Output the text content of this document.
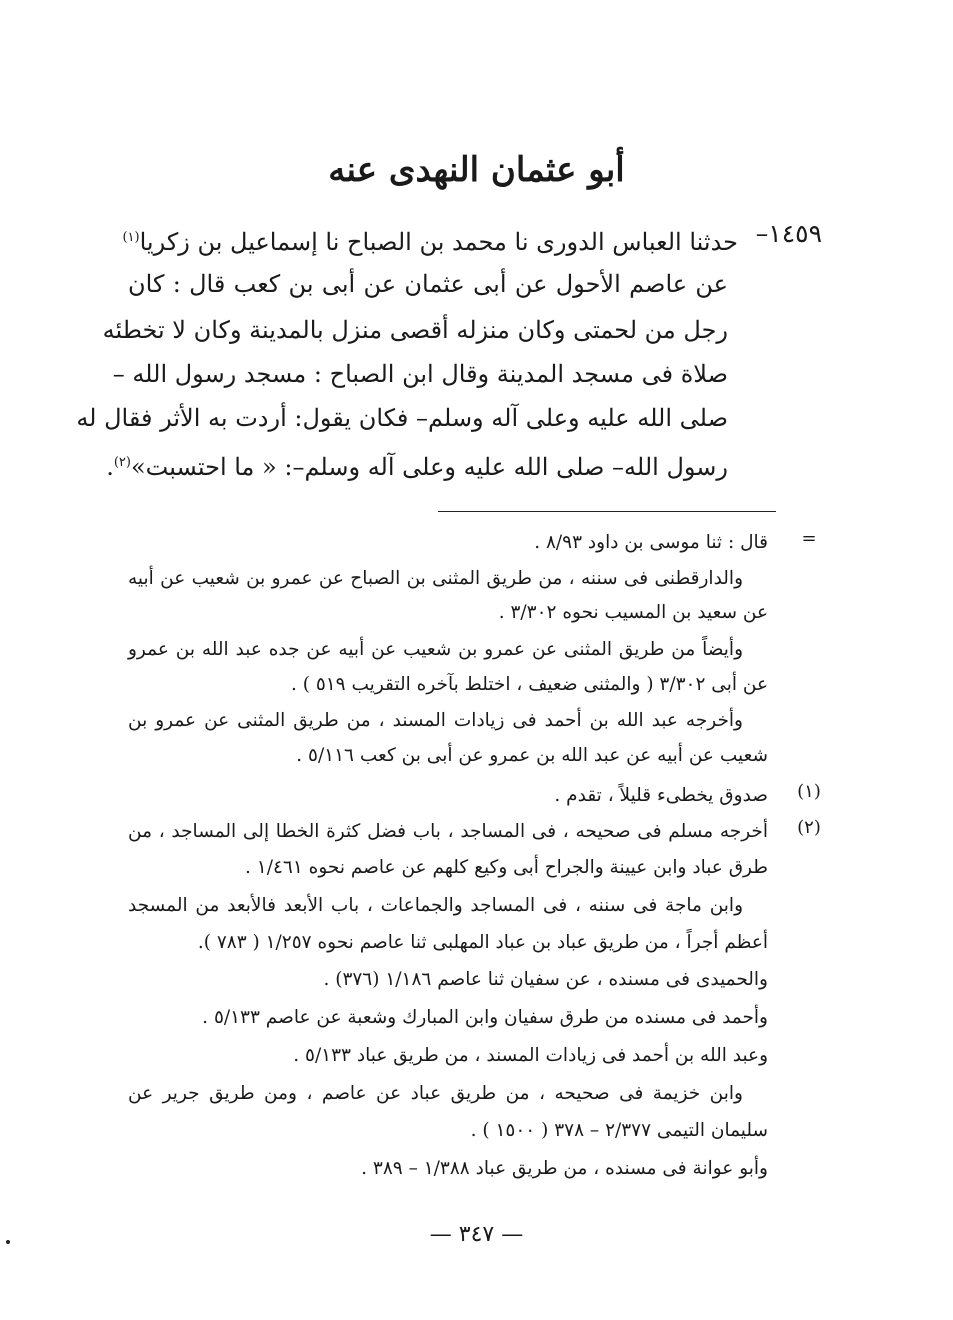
أبو عثمان النهدى عنه
١٤٥٩–
حدثنا العباس الدورى نا محمد بن الصباح نا إسماعيل بن زكريا$^{(١)}$
عن عاصم الأحول عن أبى عثمان عن أبى بن كعب قال : كان
رجل من لحمتى وكان منزله أقصى منزل بالمدينة وكان لا تخطئه
صلاة فى مسجد المدينة وقال ابن الصباح : مسجد رسول الله –
صلى الله عليه وعلى آله وسلم– فكان يقول: أردت به الأثر فقال له
رسول الله– صلى الله عليه وعلى آله وسلم–: « ما احتسبت»$^{(٢)}$.
=
قال : ثنا موسى بن داود ٨/٩٣ .
والدارقطنى فى سننه ، من طريق المثنى بن الصباح عن عمرو بن شعيب عن أبيه
عن سعيد بن المسيب نحوه ٣/٣٠٢ .
وأيضاً من طريق المثنى عن عمرو بن شعيب عن أبيه عن جده عبد الله بن عمرو
عن أبى ٣/٣٠٢ ( والمثنى ضعيف ، اختلط بآخره التقريب ٥١٩ ) .
وأخرجه عبد الله بن أحمد فى زيادات المسند ، من طريق المثنى عن عمرو بن
شعيب عن أبيه عن عبد الله بن عمرو عن أبى بن كعب ٥/١١٦ .
(١)
صدوق يخطىء قليلاً ، تقدم .
(٢)
أخرجه مسلم فى صحيحه ، فى المساجد ، باب فضل كثرة الخطا إلى المساجد ، من
طرق عباد وابن عيينة والجراح أبى وكيع كلهم عن عاصم نحوه ١/٤٦١ .
وابن ماجة فى سننه ، فى المساجد والجماعات ، باب الأبعد فالأبعد من المسجد
أعظم أجراً ، من طريق عباد بن عباد المهلبى ثنا عاصم نحوه ١/٢٥٧ ( ٧٨٣ ).
والحميدى فى مسنده ، عن سفيان ثنا عاصم ١/١٨٦ (٣٧٦) .
وأحمد فى مسنده من طرق سفيان وابن المبارك وشعبة عن عاصم ٥/١٣٣ .
وعبد الله بن أحمد فى زيادات المسند ، من طريق عباد ٥/١٣٣ .
وابن خزيمة فى صحيحه ، من طريق عباد عن عاصم ، ومن طريق جرير عن
سليمان التيمى ٢/٣٧٧ – ٣٧٨ ( ١٥٠٠ ) .
وأبو عوانة فى مسنده ، من طريق عباد ١/٣٨٨ – ٣٨٩ .
— ٣٤٧ —
